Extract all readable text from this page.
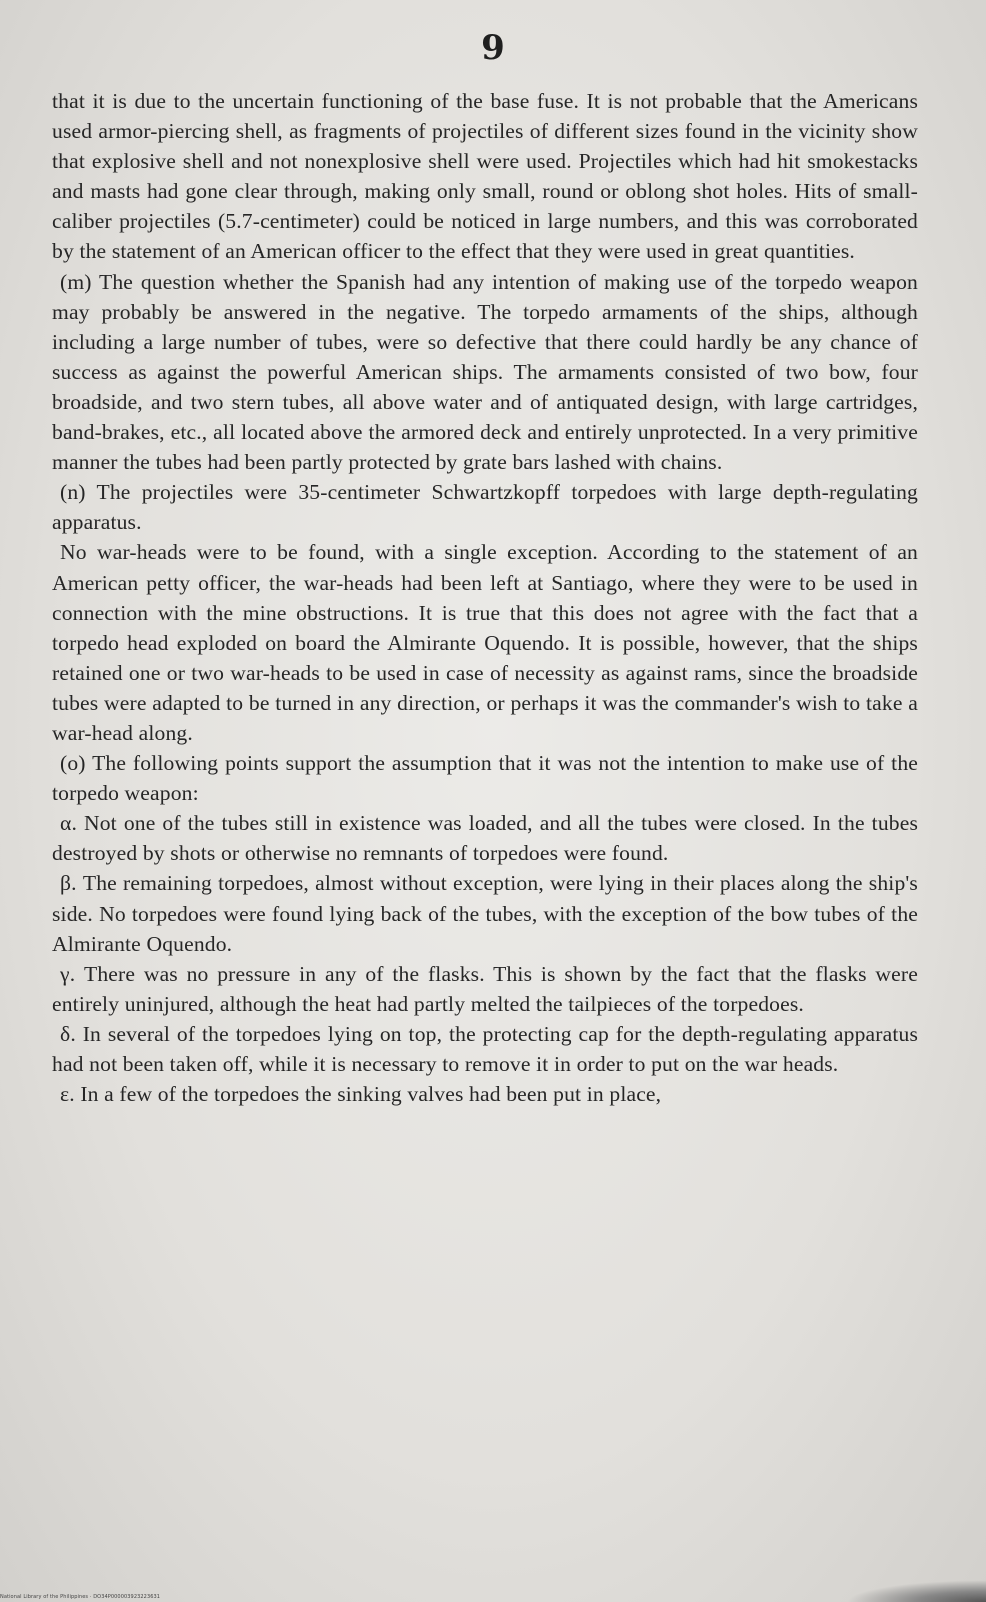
9

that it is due to the uncertain functioning of the base fuse. It is not probable that the Americans used armor-piercing shell, as fragments of projectiles of different sizes found in the vicinity show that explosive shell and not nonexplosive shell were used. Projectiles which had hit smokestacks and masts had gone clear through, making only small, round or oblong shot holes. Hits of small-caliber projectiles (5.7-centimeter) could be noticed in large numbers, and this was corroborated by the statement of an American officer to the effect that they were used in great quantities.

(m) The question whether the Spanish had any intention of making use of the torpedo weapon may probably be answered in the negative. The torpedo armaments of the ships, although including a large number of tubes, were so defective that there could hardly be any chance of success as against the powerful American ships. The armaments consisted of two bow, four broadside, and two stern tubes, all above water and of antiquated design, with large cartridges, band-brakes, etc., all located above the armored deck and entirely unprotected. In a very primitive manner the tubes had been partly protected by grate bars lashed with chains.

(n) The projectiles were 35-centimeter Schwartzkopff torpedoes with large depth-regulating apparatus.

No war-heads were to be found, with a single exception. According to the statement of an American petty officer, the war-heads had been left at Santiago, where they were to be used in connection with the mine obstructions. It is true that this does not agree with the fact that a torpedo head exploded on board the Almirante Oquendo. It is possible, however, that the ships retained one or two war-heads to be used in case of necessity as against rams, since the broadside tubes were adapted to be turned in any direction, or perhaps it was the commander's wish to take a war-head along.

(o) The following points support the assumption that it was not the intention to make use of the torpedo weapon:

α. Not one of the tubes still in existence was loaded, and all the tubes were closed. In the tubes destroyed by shots or otherwise no remnants of torpedoes were found.

β. The remaining torpedoes, almost without exception, were lying in their places along the ship's side. No torpedoes were found lying back of the tubes, with the exception of the bow tubes of the Almirante Oquendo.

γ. There was no pressure in any of the flasks. This is shown by the fact that the flasks were entirely uninjured, although the heat had partly melted the tailpieces of the torpedoes.

δ. In several of the torpedoes lying on top, the protecting cap for the depth-regulating apparatus had not been taken off, while it is necessary to remove it in order to put on the war heads.

ε. In a few of the torpedoes the sinking valves had been put in place,

National Library of the Philippines · DO34P000003923223631
